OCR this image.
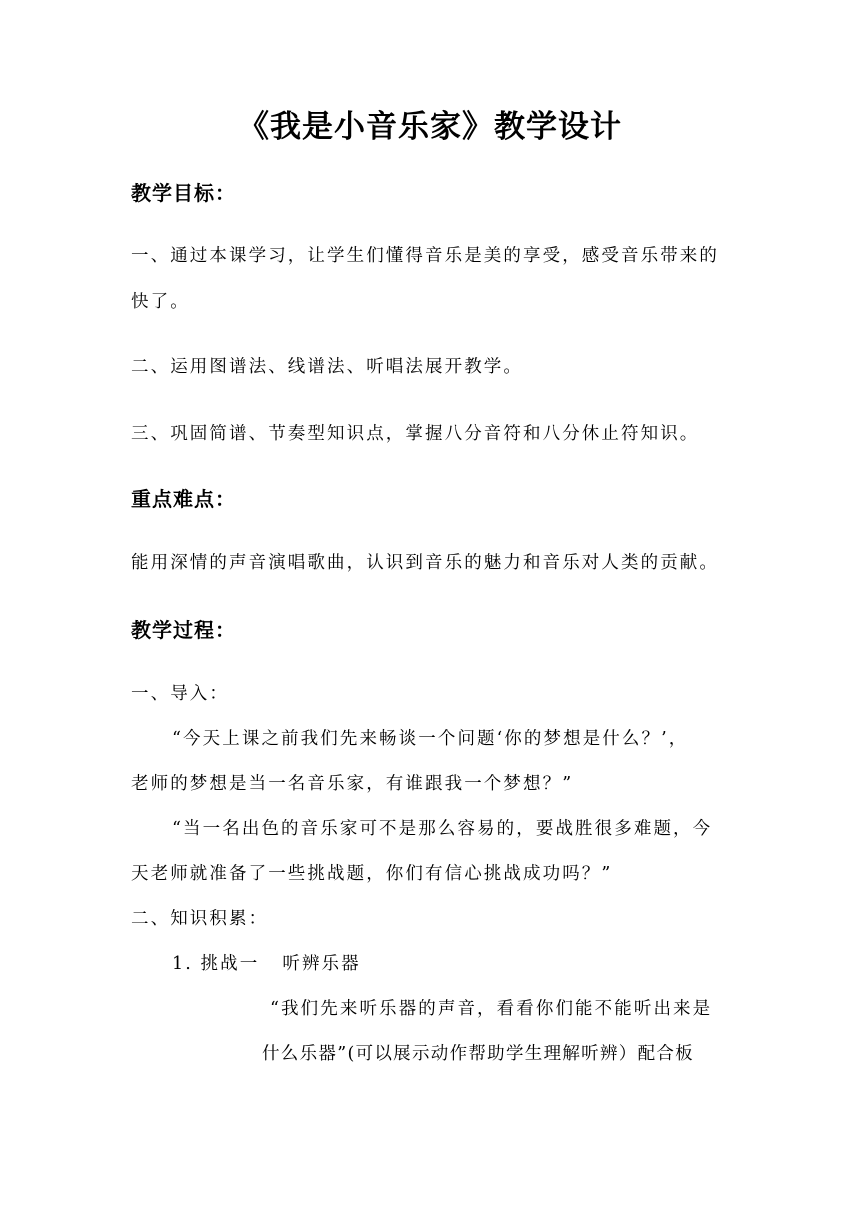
《我是小音乐家》教学设计
教学目标：
一、通过本课学习，让学生们懂得音乐是美的享受，感受音乐带来的
快了。
二、运用图谱法、线谱法、听唱法展开教学。
三、巩固简谱、节奏型知识点，掌握八分音符和八分休止符知识。
重点难点：
能用深情的声音演唱歌曲，认识到音乐的魅力和音乐对人类的贡献。
教学过程：
一、导入：
“今天上课之前我们先来畅谈一个问题‘你的梦想是什么？’，
老师的梦想是当一名音乐家，有谁跟我一个梦想？”
“当一名出色的音乐家可不是那么容易的，要战胜很多难题，今
天老师就准备了一些挑战题，你们有信心挑战成功吗？”
二、知识积累：
1. 挑战一   听辨乐器
“我们先来听乐器的声音，看看你们能不能听出来是
什么乐器”(可以展示动作帮助学生理解听辨）配合板
